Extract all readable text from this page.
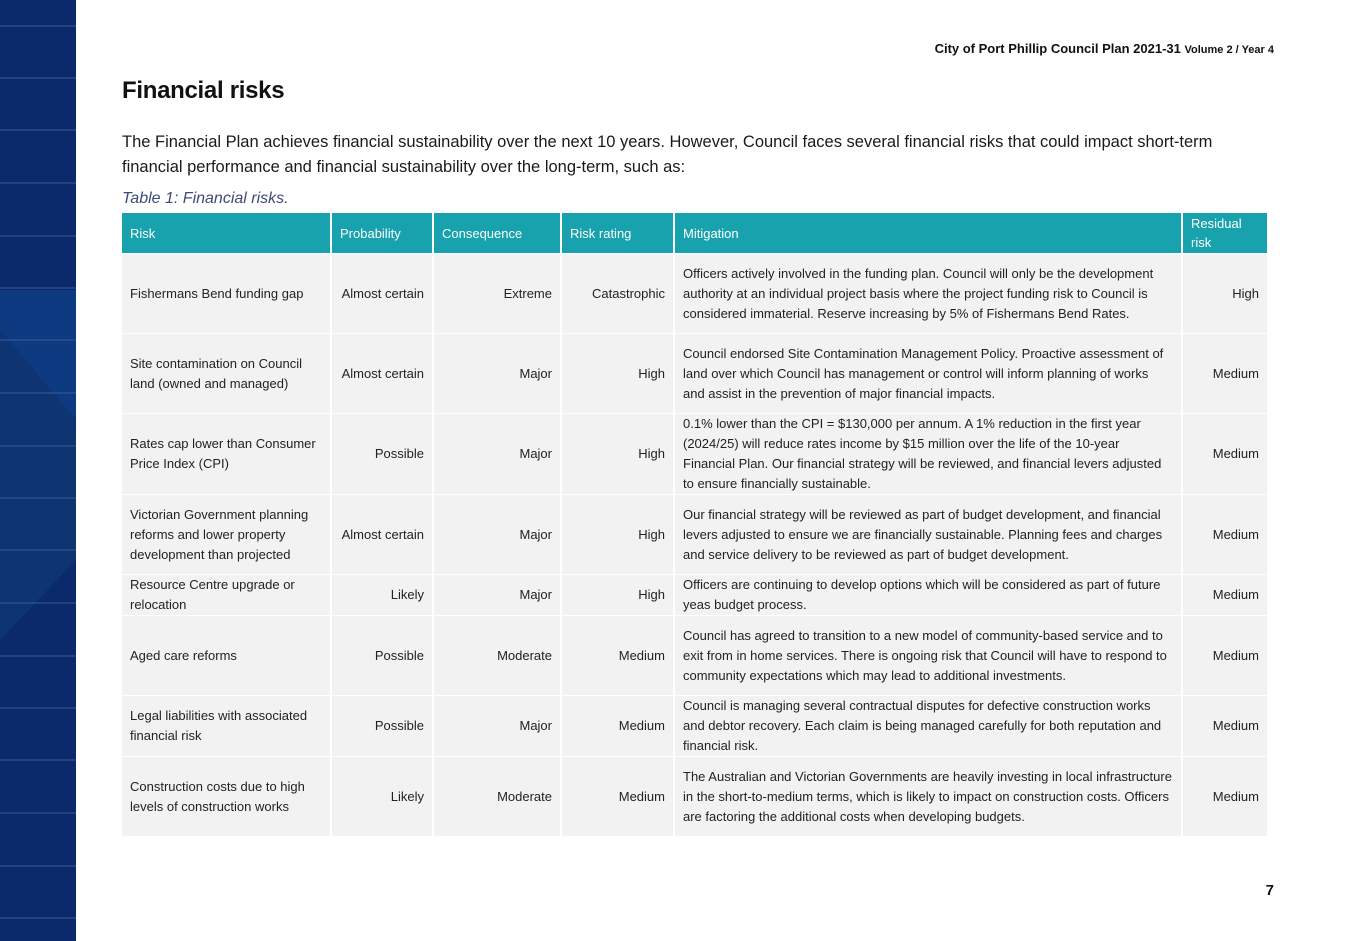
City of Port Phillip Council Plan 2021-31 Volume 2 / Year 4
Financial risks
The Financial Plan achieves financial sustainability over the next 10 years. However, Council faces several financial risks that could impact short-term financial performance and financial sustainability over the long-term, such as:
Table 1: Financial risks.
Risk	Probability	Consequence	Risk rating	Mitigation	Residual risk
Fishermans Bend funding gap	Almost certain	Extreme	Catastrophic	Officers actively involved in the funding plan. Council will only be the development authority at an individual project basis where the project funding risk to Council is considered immaterial. Reserve increasing by 5% of Fishermans Bend Rates.	High
Site contamination on Council land (owned and managed)	Almost certain	Major	High	Council endorsed Site Contamination Management Policy. Proactive assessment of land over which Council has management or control will inform planning of works and assist in the prevention of major financial impacts.	Medium
Rates cap lower than Consumer Price Index (CPI)	Possible	Major	High	0.1% lower than the CPI = $130,000 per annum. A 1% reduction in the first year (2024/25) will reduce rates income by $15 million over the life of the 10-year Financial Plan. Our financial strategy will be reviewed, and financial levers adjusted to ensure financially sustainable.	Medium
Victorian Government planning reforms and lower property development than projected	Almost certain	Major	High	Our financial strategy will be reviewed as part of budget development, and financial levers adjusted to ensure we are financially sustainable. Planning fees and charges and service delivery to be reviewed as part of budget development.	Medium
Resource Centre upgrade or relocation	Likely	Major	High	Officers are continuing to develop options which will be considered as part of future yeas budget process.	Medium
Aged care reforms	Possible	Moderate	Medium	Council has agreed to transition to a new model of community-based service and to exit from in home services. There is ongoing risk that Council will have to respond to community expectations which may lead to additional investments.	Medium
Legal liabilities with associated financial risk	Possible	Major	Medium	Council is managing several contractual disputes for defective construction works and debtor recovery. Each claim is being managed carefully for both reputation and financial risk.	Medium
Construction costs due to high levels of construction works	Likely	Moderate	Medium	The Australian and Victorian Governments are heavily investing in local infrastructure in the short-to-medium terms, which is likely to impact on construction costs. Officers are factoring the additional costs when developing budgets.	Medium
7
